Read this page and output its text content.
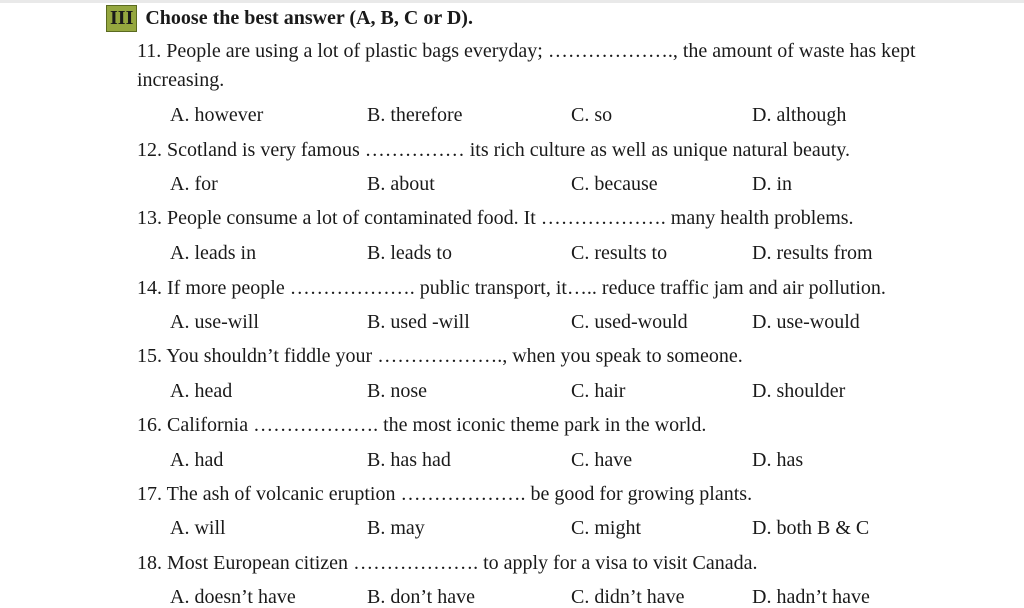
III Choose the best answer (A, B, C or D).
11. People are using a lot of plastic bags everyday; ………………., the amount of waste has kept increasing.
A. however	B. therefore	C. so	D. although
12. Scotland is very famous …………… its rich culture as well as unique natural beauty.
A. for	B. about	C. because	D. in
13. People consume a lot of contaminated food. It ………………. many health problems.
A. leads in	B. leads to	C. results to	D. results from
14. If more people ………………. public transport, it….. reduce traffic jam and air pollution.
A. use-will	B. used -will	C. used-would	D. use-would
15. You shouldn’t fiddle your ………………., when you speak to someone.
A. head	B. nose	C. hair	D. shoulder
16. California ………………. the most iconic theme park in the world.
A. had	B. has had	C. have	D. has
17. The ash of volcanic eruption ………………. be good for growing plants.
A. will	B. may	C. might	D. both B & C
18. Most European citizen ………………. to apply for a visa to visit Canada.
A. doesn’t have	B. don’t have	C. didn’t have	D. hadn’t have
